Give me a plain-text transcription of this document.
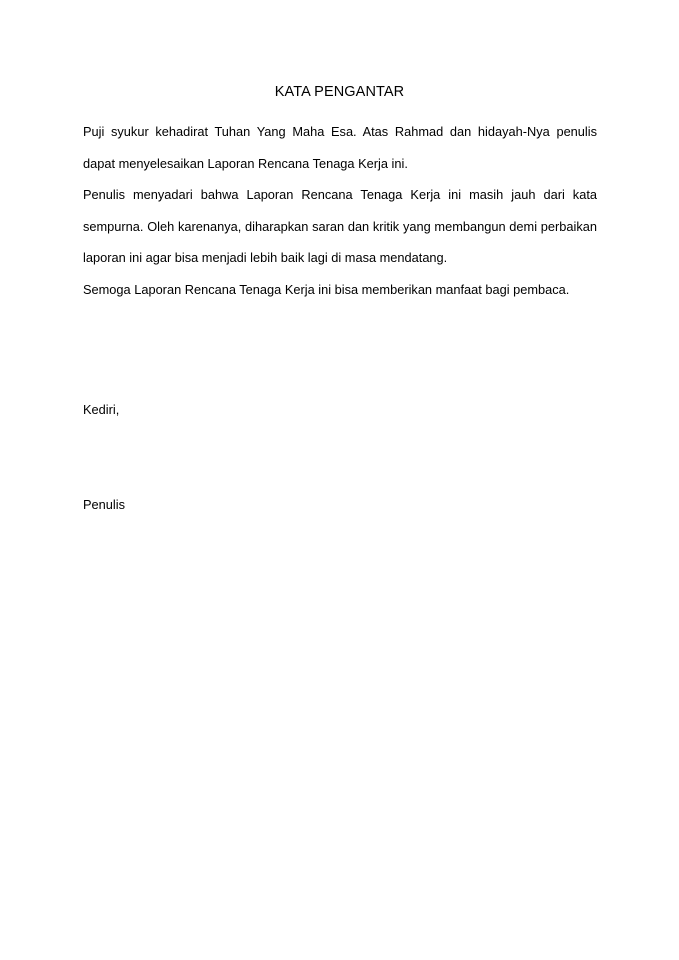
KATA PENGANTAR

Puji syukur kehadirat Tuhan Yang Maha Esa. Atas Rahmad dan hidayah-Nya penulis dapat menyelesaikan Laporan Rencana Tenaga Kerja ini.

Penulis menyadari bahwa Laporan Rencana Tenaga Kerja ini masih jauh dari kata sempurna. Oleh karenanya, diharapkan saran dan kritik yang membangun demi perbaikan laporan ini agar bisa menjadi lebih baik lagi di masa mendatang.

Semoga Laporan Rencana Tenaga Kerja ini bisa memberikan manfaat bagi pembaca.

Kediri,

Penulis
